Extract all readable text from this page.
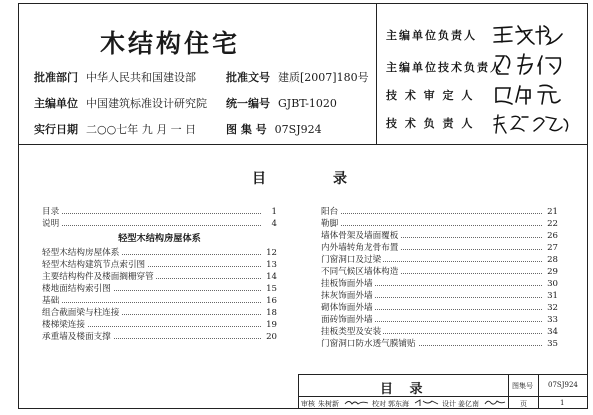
木结构住宅
批准部门 中华人民共和国建设部	批准文号 建质[2007]180号
主编单位 中国建筑标准设计研究院 统一编号 GJBT-1020
实行日期 二○○七年 九 月 一 日	图 集 号 07SJ924
主编单位负责人
主编单位技术负责人
技 术 审 定 人
技 术 负 责 人
目	录
目录	1
说明	4
轻型木结构房屋体系
轻型木结构房屋体系	12
轻型木结构建筑节点索引图	13
主要结构构件及楼面搁栅穿管	14
楼地面结构索引图	15
基础	16
组合截面梁与柱连接	18
楼梯梁连接	19
承重墙及楼面支撑	20
阳台	21
勒脚	22
墙体骨架及墙面覆板	26
内外墙转角龙骨布置	27
门窗洞口及过梁	28
不同气候区墙体构造	29
挂板饰面外墙	30
抹灰饰面外墙	31
砌体饰面外墙	32
面砖饰面外墙	33
挂板类型及安装	34
门窗洞口防水透气膜铺贴	35
目 录	图集号 07SJ924
审核 朱树新	校对 郭东海	设计 姜亿南	页	1
